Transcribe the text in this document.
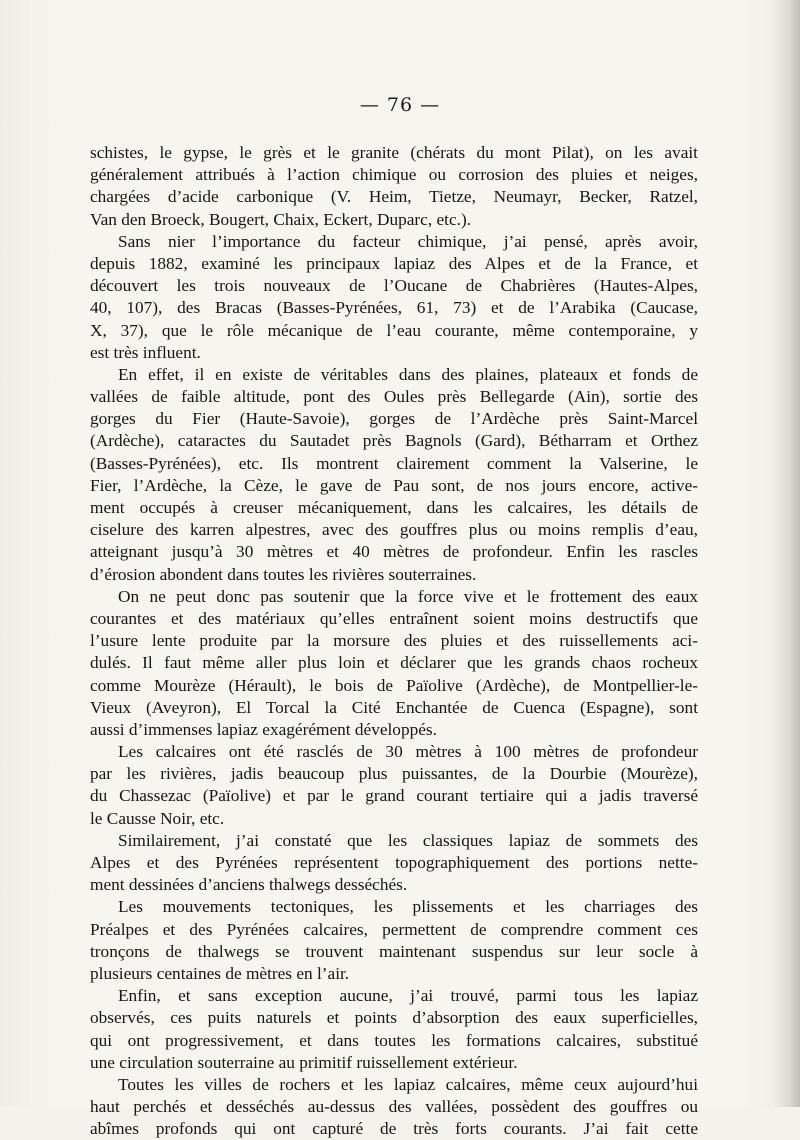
— 76 —
schistes, le gypse, le grès et le granite (chérats du mont Pilat), on les avait
généralement attribués à l’action chimique ou corrosion des pluies et neiges,
chargées d’acide carbonique (V. Heim, Tietze, Neumayr, Becker, Ratzel,
Van den Broeck, Bougert, Chaix, Eckert, Duparc, etc.).
Sans nier l’importance du facteur chimique, j’ai pensé, après avoir,
depuis 1882, examiné les principaux lapiaz des Alpes et de la France, et
découvert les trois nouveaux de l’Oucane de Chabrières (Hautes-Alpes,
40, 107), des Bracas (Basses-Pyrénées, 61, 73) et de l’Arabika (Caucase,
X, 37), que le rôle mécanique de l’eau courante, même contemporaine, y
est très influent.
En effet, il en existe de véritables dans des plaines, plateaux et fonds de
vallées de faible altitude, pont des Oules près Bellegarde (Ain), sortie des
gorges du Fier (Haute-Savoie), gorges de l’Ardèche près Saint-Marcel
(Ardèche), cataractes du Sautadet près Bagnols (Gard), Bétharram et Orthez
(Basses-Pyrénées), etc. Ils montrent clairement comment la Valserine, le
Fier, l’Ardèche, la Cèze, le gave de Pau sont, de nos jours encore, active-
ment occupés à creuser mécaniquement, dans les calcaires, les détails de
ciselure des karren alpestres, avec des gouffres plus ou moins remplis d’eau,
atteignant jusqu’à 30 mètres et 40 mètres de profondeur. Enfin les rascles
d’érosion abondent dans toutes les rivières souterraines.
On ne peut donc pas soutenir que la force vive et le frottement des eaux
courantes et des matériaux qu’elles entraînent soient moins destructifs que
l’usure lente produite par la morsure des pluies et des ruissellements aci-
dulés. Il faut même aller plus loin et déclarer que les grands chaos rocheux
comme Mourèze (Hérault), le bois de Païolive (Ardèche), de Montpellier-le-
Vieux (Aveyron), El Torcal la Cité Enchantée de Cuenca (Espagne), sont
aussi d’immenses lapiaz exagérément développés.
Les calcaires ont été rasclés de 30 mètres à 100 mètres de profondeur
par les rivières, jadis beaucoup plus puissantes, de la Dourbie (Mourèze),
du Chassezac (Païolive) et par le grand courant tertiaire qui a jadis traversé
le Causse Noir, etc.
Similairement, j’ai constaté que les classiques lapiaz de sommets des
Alpes et des Pyrénées représentent topographiquement des portions nette-
ment dessinées d’anciens thalwegs desséchés.
Les mouvements tectoniques, les plissements et les charriages des
Préalpes et des Pyrénées calcaires, permettent de comprendre comment ces
tronçons de thalwegs se trouvent maintenant suspendus sur leur socle à
plusieurs centaines de mètres en l’air.
Enfin, et sans exception aucune, j’ai trouvé, parmi tous les lapiaz
observés, ces puits naturels et points d’absorption des eaux superficielles,
qui ont progressivement, et dans toutes les formations calcaires, substitué
une circulation souterraine au primitif ruissellement extérieur.
Toutes les villes de rochers et les lapiaz calcaires, même ceux aujourd’hui
haut perchés et desséchés au-dessus des vallées, possèdent des gouffres ou
abîmes profonds qui ont capturé de très forts courants. J’ai fait cette
